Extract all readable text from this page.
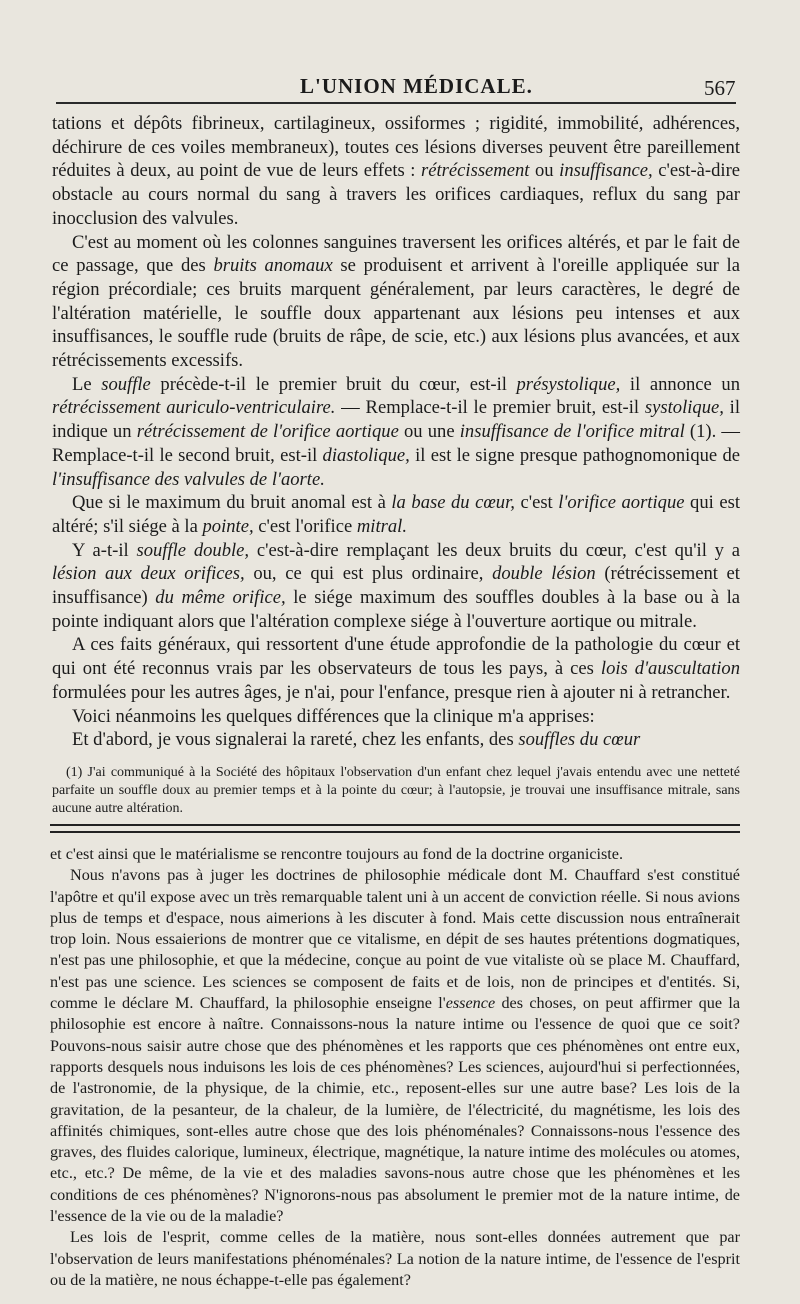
L'UNION MÉDICALE.	567

tations et dépôts fibrineux, cartilagineux, ossiformes ; rigidité, immobilité, adhérences, déchirure de ces voiles membraneux), toutes ces lésions diverses peuvent être pareillement réduites à deux, au point de vue de leurs effets : rétrécissement ou insuffisance, c'est-à-dire obstacle au cours normal du sang à travers les orifices cardiaques, reflux du sang par inocclusion des valvules.

C'est au moment où les colonnes sanguines traversent les orifices altérés, et par le fait de ce passage, que des bruits anomaux se produisent et arrivent à l'oreille appliquée sur la région précordiale; ces bruits marquent généralement, par leurs caractères, le degré de l'altération matérielle, le souffle doux appartenant aux lésions peu intenses et aux insuffisances, le souffle rude (bruits de râpe, de scie, etc.) aux lésions plus avancées, et aux rétrécissements excessifs.

Le souffle précède-t-il le premier bruit du cœur, est-il présystolique, il annonce un rétrécissement auriculo-ventriculaire. — Remplace-t-il le premier bruit, est-il systolique, il indique un rétrécissement de l'orifice aortique ou une insuffisance de l'orifice mitral (1). — Remplace-t-il le second bruit, est-il diastolique, il est le signe presque pathognomonique de l'insuffisance des valvules de l'aorte.

Que si le maximum du bruit anomal est à la base du cœur, c'est l'orifice aortique qui est altéré; s'il siége à la pointe, c'est l'orifice mitral.

Y a-t-il souffle double, c'est-à-dire remplaçant les deux bruits du cœur, c'est qu'il y a lésion aux deux orifices, ou, ce qui est plus ordinaire, double lésion (rétrécissement et insuffisance) du même orifice, le siége maximum des souffles doubles à la base ou à la pointe indiquant alors que l'altération complexe siége à l'ouverture aortique ou mitrale.

A ces faits généraux, qui ressortent d'une étude approfondie de la pathologie du cœur et qui ont été reconnus vrais par les observateurs de tous les pays, à ces lois d'auscultation formulées pour les autres âges, je n'ai, pour l'enfance, presque rien à ajouter ni à retrancher.

Voici néanmoins les quelques différences que la clinique m'a apprises:

Et d'abord, je vous signalerai la rareté, chez les enfants, des souffles du cœur

(1) J'ai communiqué à la Société des hôpitaux l'observation d'un enfant chez lequel j'avais entendu avec une netteté parfaite un souffle doux au premier temps et à la pointe du cœur; à l'autopsie, je trouvai une insuffisance mitrale, sans aucune autre altération.

et c'est ainsi que le matérialisme se rencontre toujours au fond de la doctrine organiciste.

Nous n'avons pas à juger les doctrines de philosophie médicale dont M. Chauffard s'est constitué l'apôtre et qu'il expose avec un très remarquable talent uni à un accent de conviction réelle. Si nous avions plus de temps et d'espace, nous aimerions à les discuter à fond. Mais cette discussion nous entraînerait trop loin. Nous essaierions de montrer que ce vitalisme, en dépit de ses hautes prétentions dogmatiques, n'est pas une philosophie, et que la médecine, conçue au point de vue vitaliste où se place M. Chauffard, n'est pas une science. Les sciences se composent de faits et de lois, non de principes et d'entités. Si, comme le déclare M. Chauffard, la philosophie enseigne l'essence des choses, on peut affirmer que la philosophie est encore à naître. Connaissons-nous la nature intime ou l'essence de quoi que ce soit? Pouvons-nous saisir autre chose que des phénomènes et les rapports que ces phénomènes ont entre eux, rapports desquels nous induisons les lois de ces phénomènes? Les sciences, aujourd'hui si perfectionnées, de l'astronomie, de la physique, de la chimie, etc., reposent-elles sur une autre base? Les lois de la gravitation, de la pesanteur, de la chaleur, de la lumière, de l'électricité, du magnétisme, les lois des affinités chimiques, sont-elles autre chose que des lois phénoménales? Connaissons-nous l'essence des graves, des fluides calorique, lumineux, électrique, magnétique, la nature intime des molécules ou atomes, etc., etc.? De même, de la vie et des maladies savons-nous autre chose que les phénomènes et les conditions de ces phénomènes? N'ignorons-nous pas absolument le premier mot de la nature intime, de l'essence de la vie ou de la maladie?

Les lois de l'esprit, comme celles de la matière, nous sont-elles données autrement que par l'observation de leurs manifestations phénoménales? La notion de la nature intime, de l'essence de l'esprit ou de la matière, ne nous échappe-t-elle pas également?
